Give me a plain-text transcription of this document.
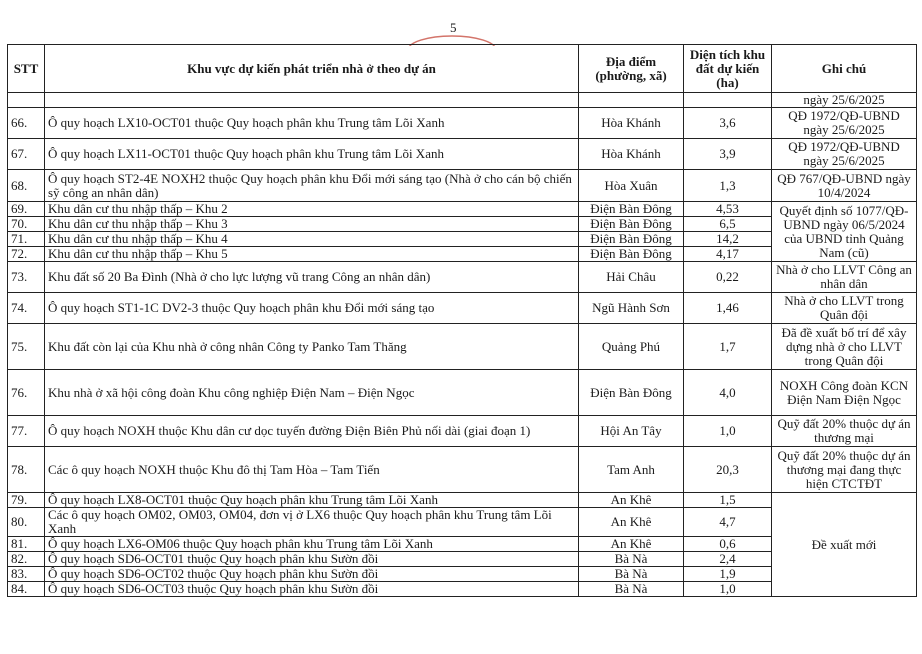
5
STT	Khu vực dự kiến phát triển nhà ở theo dự án	Địa điểm (phường, xã)	Diện tích khu đất dự kiến (ha)	Ghi chú
				ngày 25/6/2025
66.	Ô quy hoạch LX10-OCT01 thuộc Quy hoạch phân khu Trung tâm Lõi Xanh	Hòa Khánh	3,6	QĐ 1972/QĐ-UBND ngày 25/6/2025
67.	Ô quy hoạch LX11-OCT01 thuộc Quy hoạch phân khu Trung tâm Lõi Xanh	Hòa Khánh	3,9	QĐ 1972/QĐ-UBND ngày 25/6/2025
68.	Ô quy hoạch ST2-4E NOXH2 thuộc Quy hoạch phân khu Đổi mới sáng tạo (Nhà ở cho cán bộ chiến sỹ công an nhân dân)	Hòa Xuân	1,3	QĐ 767/QĐ-UBND ngày 10/4/2024
69.	Khu dân cư thu nhập thấp – Khu 2	Điện Bàn Đông	4,53	Quyết định số 1077/QĐ-UBND ngày 06/5/2024 của UBND tỉnh Quảng Nam (cũ)
70.	Khu dân cư thu nhập thấp – Khu 3	Điện Bàn Đông	6,5	
71.	Khu dân cư thu nhập thấp – Khu 4	Điện Bàn Đông	14,2	
72.	Khu dân cư thu nhập thấp – Khu 5	Điện Bàn Đông	4,17	
73.	Khu đất số 20 Ba Đình (Nhà ở cho lực lượng vũ trang Công an nhân dân)	Hải Châu	0,22	Nhà ở cho LLVT Công an nhân dân
74.	Ô quy hoạch ST1-1C DV2-3 thuộc Quy hoạch phân khu Đổi mới sáng tạo	Ngũ Hành Sơn	1,46	Nhà ở cho LLVT trong Quân đội
75.	Khu đất còn lại của Khu nhà ở công nhân Công ty Panko Tam Thăng	Quảng Phú	1,7	Đã đề xuất bố trí để xây dựng nhà ở cho LLVT trong Quân đội
76.	Khu nhà ở xã hội công đoàn Khu công nghiệp Điện Nam – Điện Ngọc	Điện Bàn Đông	4,0	NOXH Công đoàn KCN Điện Nam Điện Ngọc
77.	Ô quy hoạch NOXH thuộc Khu dân cư dọc tuyến đường Điện Biên Phủ nối dài (giai đoạn 1)	Hội An Tây	1,0	Quỹ đất 20% thuộc dự án thương mại
78.	Các ô quy hoạch NOXH thuộc Khu đô thị Tam Hòa – Tam Tiến	Tam Anh	20,3	Quỹ đất 20% thuộc dự án thương mại đang thực hiện CTCTĐT
79.	Ô quy hoạch LX8-OCT01 thuộc Quy hoạch phân khu Trung tâm Lõi Xanh	An Khê	1,5	Đề xuất mới
80.	Các ô quy hoạch OM02, OM03, OM04, đơn vị ở LX6 thuộc Quy hoạch phân khu Trung tâm Lõi Xanh	An Khê	4,7	
81.	Ô quy hoạch LX6-OM06 thuộc Quy hoạch phân khu Trung tâm Lõi Xanh	An Khê	0,6	
82.	Ô quy hoạch SD6-OCT01 thuộc Quy hoạch phân khu Sườn đồi	Bà Nà	2,4	
83.	Ô quy hoạch SD6-OCT02 thuộc Quy hoạch phân khu Sườn đồi	Bà Nà	1,9	
84.	Ô quy hoạch SD6-OCT03 thuộc Quy hoạch phân khu Sườn đồi	Bà Nà	1,0	
